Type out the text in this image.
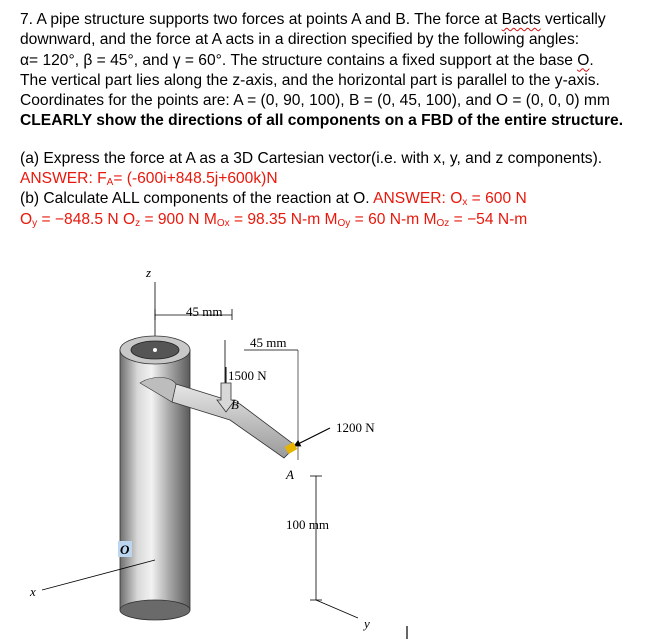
7. A pipe structure supports two forces at points A and B. The force at Bacts vertically
downward, and the force at A acts in a direction specified by the following angles:
α= 120°, β = 45°, and γ = 60°. The structure contains a fixed support at the base O.
The vertical part lies along the z-axis, and the horizontal part is parallel to the y-axis.
Coordinates for the points are: A = (0, 90, 100), B = (0, 45, 100), and O = (0, 0, 0) mm
CLEARLY show the directions of all components on a FBD of the entire structure.
(a) Express the force at A as a 3D Cartesian vector(i.e. with x, y, and z components).
ANSWER: $F_A= (-600i+848.5j+600k)N$
(b) Calculate ALL components of the reaction at O. ANSWER: $O_x = 600$ N
$O_y = -848.5$ N $O_z = 900$ N $M_{Ox} = 98.35$ N-m $M_{Oy} = 60$ N-m $M_{Oz} = -54$ N-m
z
45 mm
45 mm
1500 N
B
1200 N
A
100 mm
x
y
O
